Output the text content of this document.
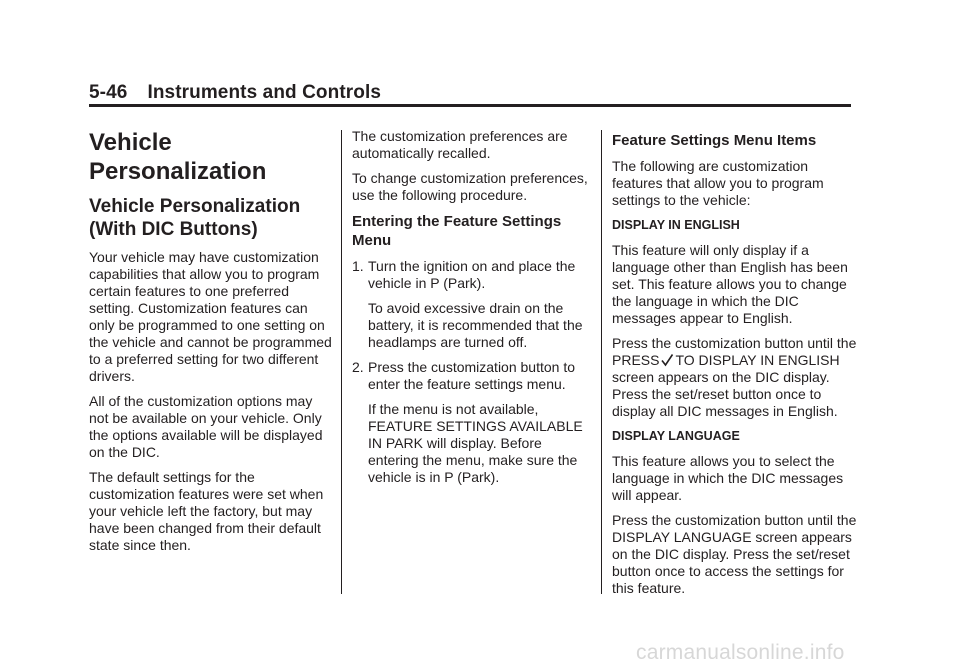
5-46 Instruments and Controls
Vehicle Personalization
Vehicle Personalization (With DIC Buttons)

Your vehicle may have customization capabilities that allow you to program certain features to one preferred setting. Customization features can only be programmed to one setting on the vehicle and cannot be programmed to a preferred setting for two different drivers.

All of the customization options may not be available on your vehicle. Only the options available will be displayed on the DIC.

The default settings for the customization features were set when your vehicle left the factory, but may have been changed from their default state since then.

The customization preferences are automatically recalled.

To change customization preferences, use the following procedure.

Entering the Feature Settings Menu
1. Turn the ignition on and place the vehicle in P (Park).

To avoid excessive drain on the battery, it is recommended that the headlamps are turned off.

2. Press the customization button to enter the feature settings menu.

If the menu is not available, FEATURE SETTINGS AVAILABLE IN PARK will display. Before entering the menu, make sure the vehicle is in P (Park).

Feature Settings Menu Items

The following are customization features that allow you to program settings to the vehicle:

DISPLAY IN ENGLISH

This feature will only display if a language other than English has been set. This feature allows you to change the language in which the DIC messages appear to English.

Press the customization button until the PRESS TO DISPLAY IN ENGLISH screen appears on the DIC display. Press the set/reset button once to display all DIC messages in English.

DISPLAY LANGUAGE

This feature allows you to select the language in which the DIC messages will appear.

Press the customization button until the DISPLAY LANGUAGE screen appears on the DIC display. Press the set/reset button once to access the settings for this feature.

carmanualsonline.info
